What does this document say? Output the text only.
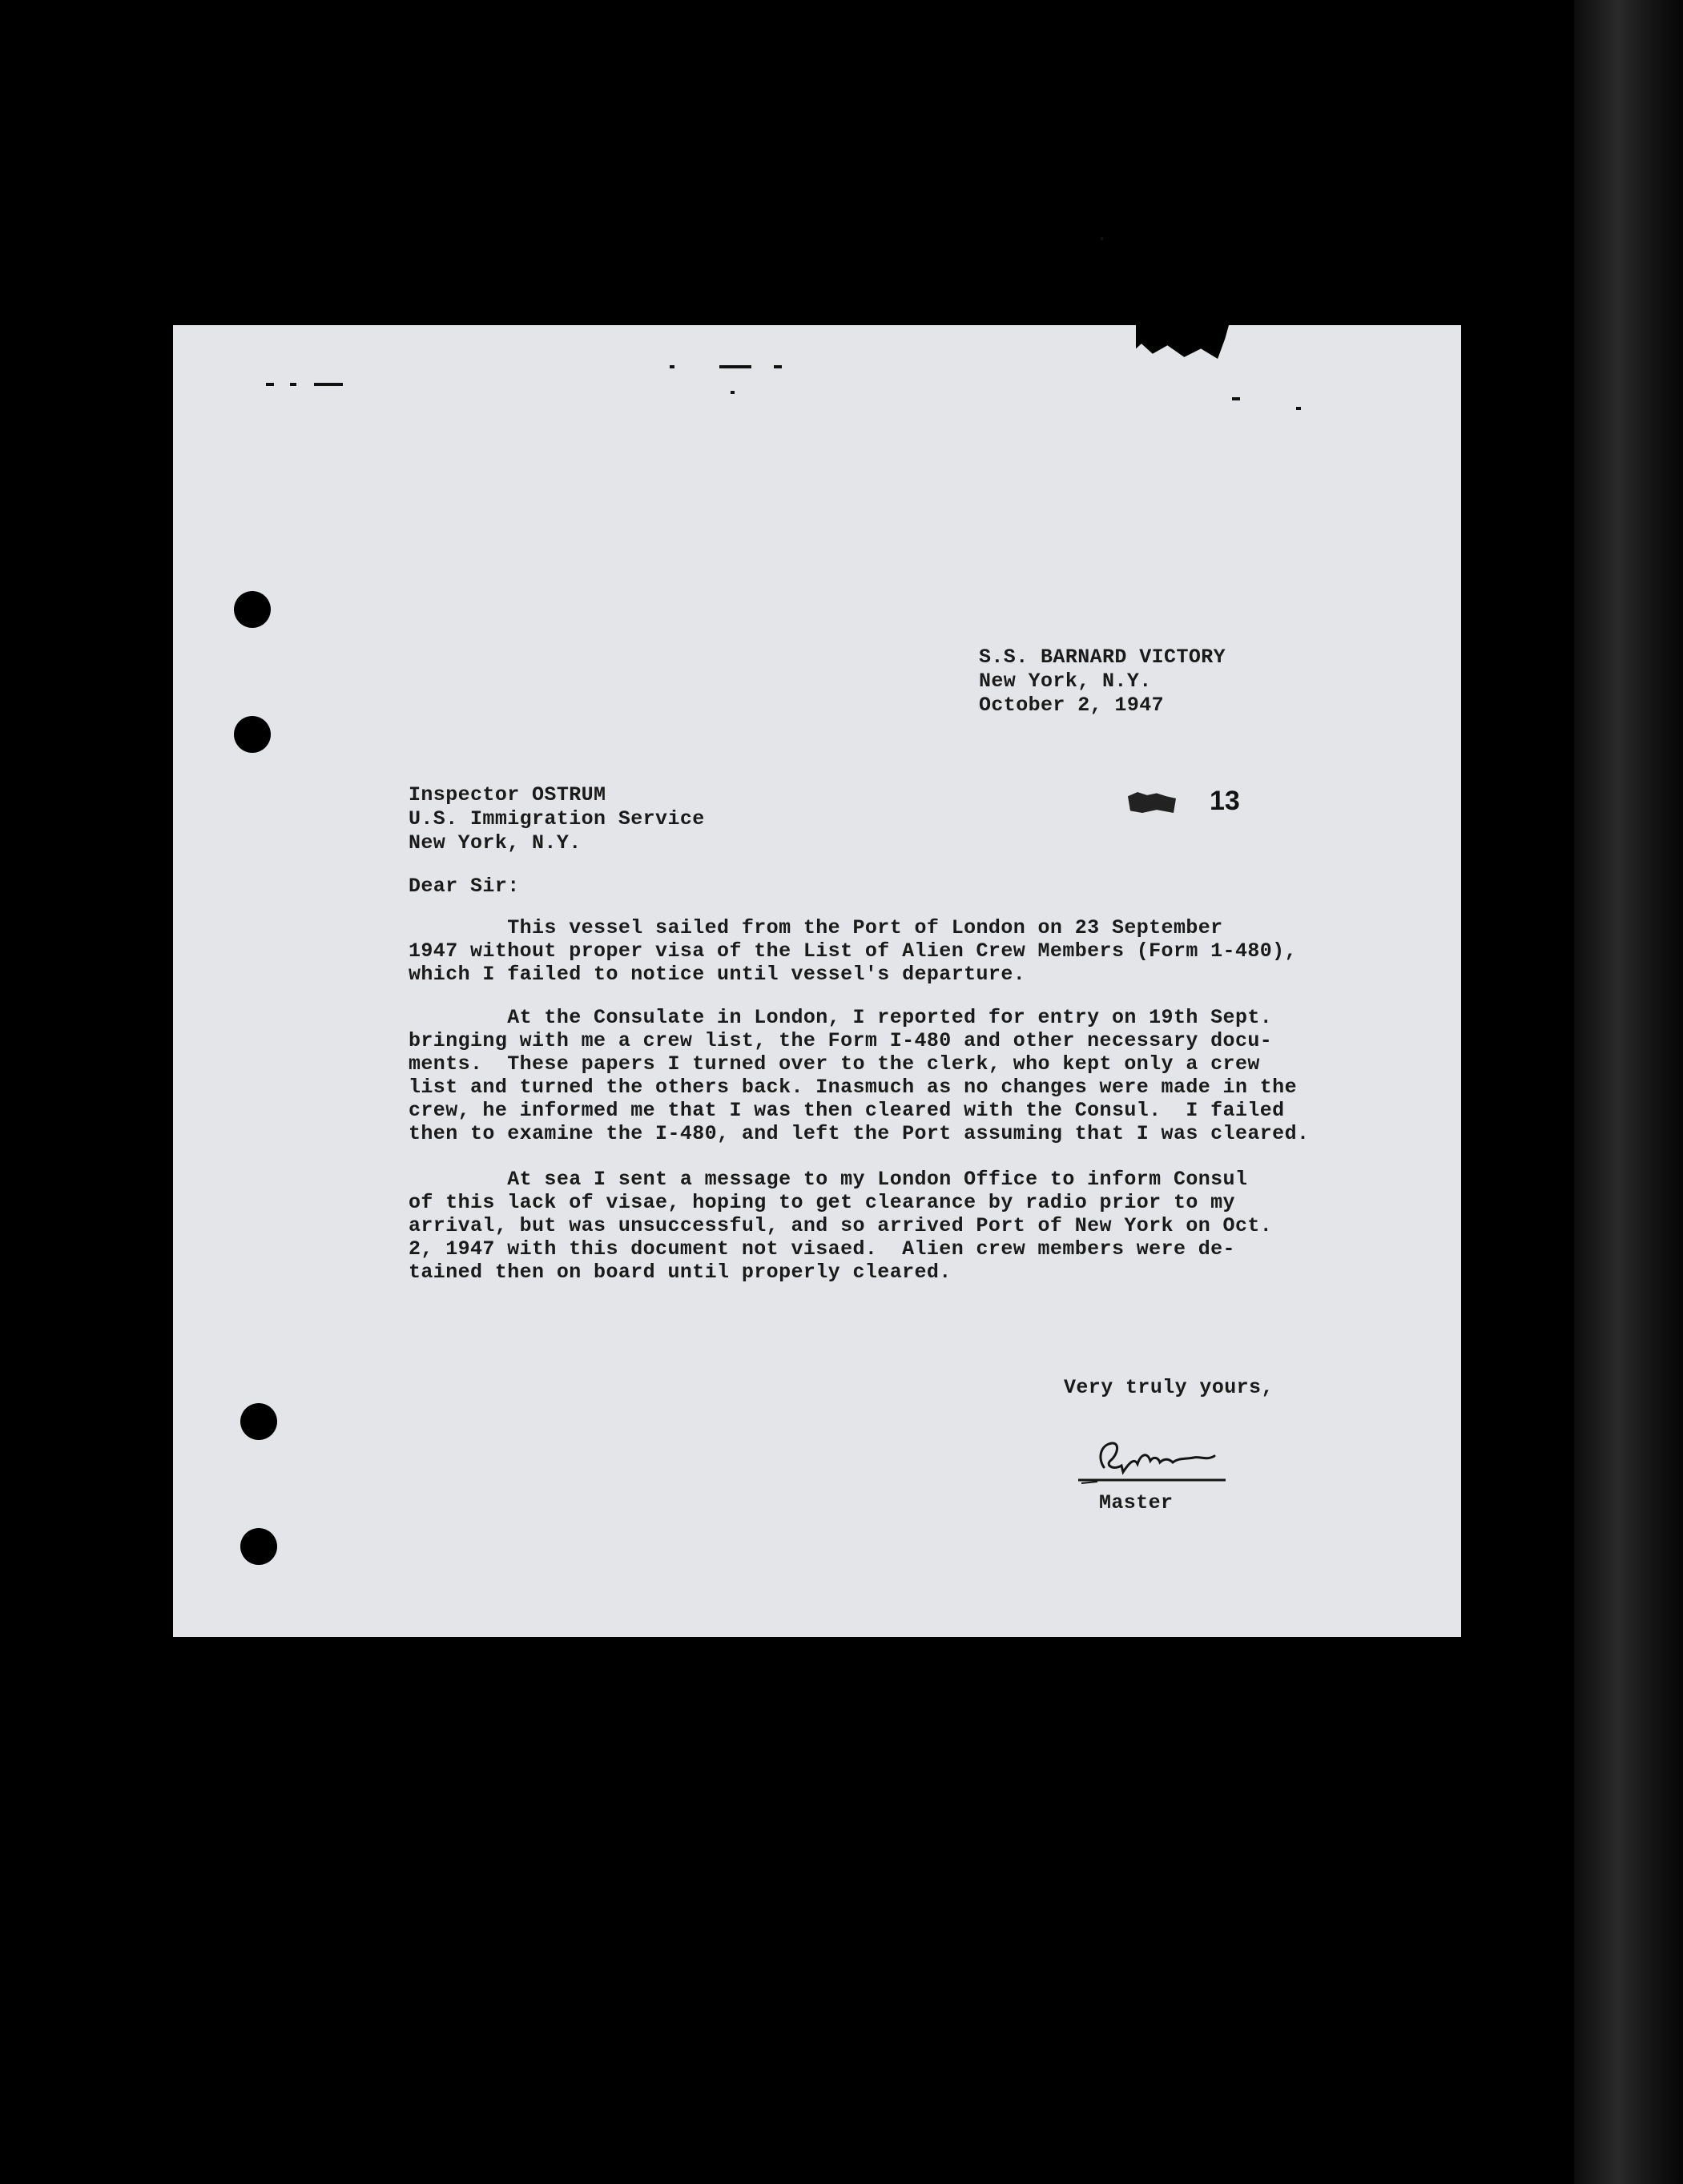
S.S. BARNARD VICTORY
New York, N.Y.
October 2, 1947
Inspector OSTRUM
U.S. Immigration Service
New York, N.Y.
13
Dear Sir:
This vessel sailed from the Port of London on 23 September
1947 without proper visa of the List of Alien Crew Members (Form 1-480),
which I failed to notice until vessel's departure.
At the Consulate in London, I reported for entry on 19th Sept.
bringing with me a crew list, the Form I-480 and other necessary docu-
ments.  These papers I turned over to the clerk, who kept only a crew
list and turned the others back. Inasmuch as no changes were made in the
crew, he informed me that I was then cleared with the Consul.  I failed
then to examine the I-480, and left the Port assuming that I was cleared.
At sea I sent a message to my London Office to inform Consul
of this lack of visae, hoping to get clearance by radio prior to my
arrival, but was unsuccessful, and so arrived Port of New York on Oct.
2, 1947 with this document not visaed.  Alien crew members were de-
tained then on board until properly cleared.
Very truly yours,
Master
